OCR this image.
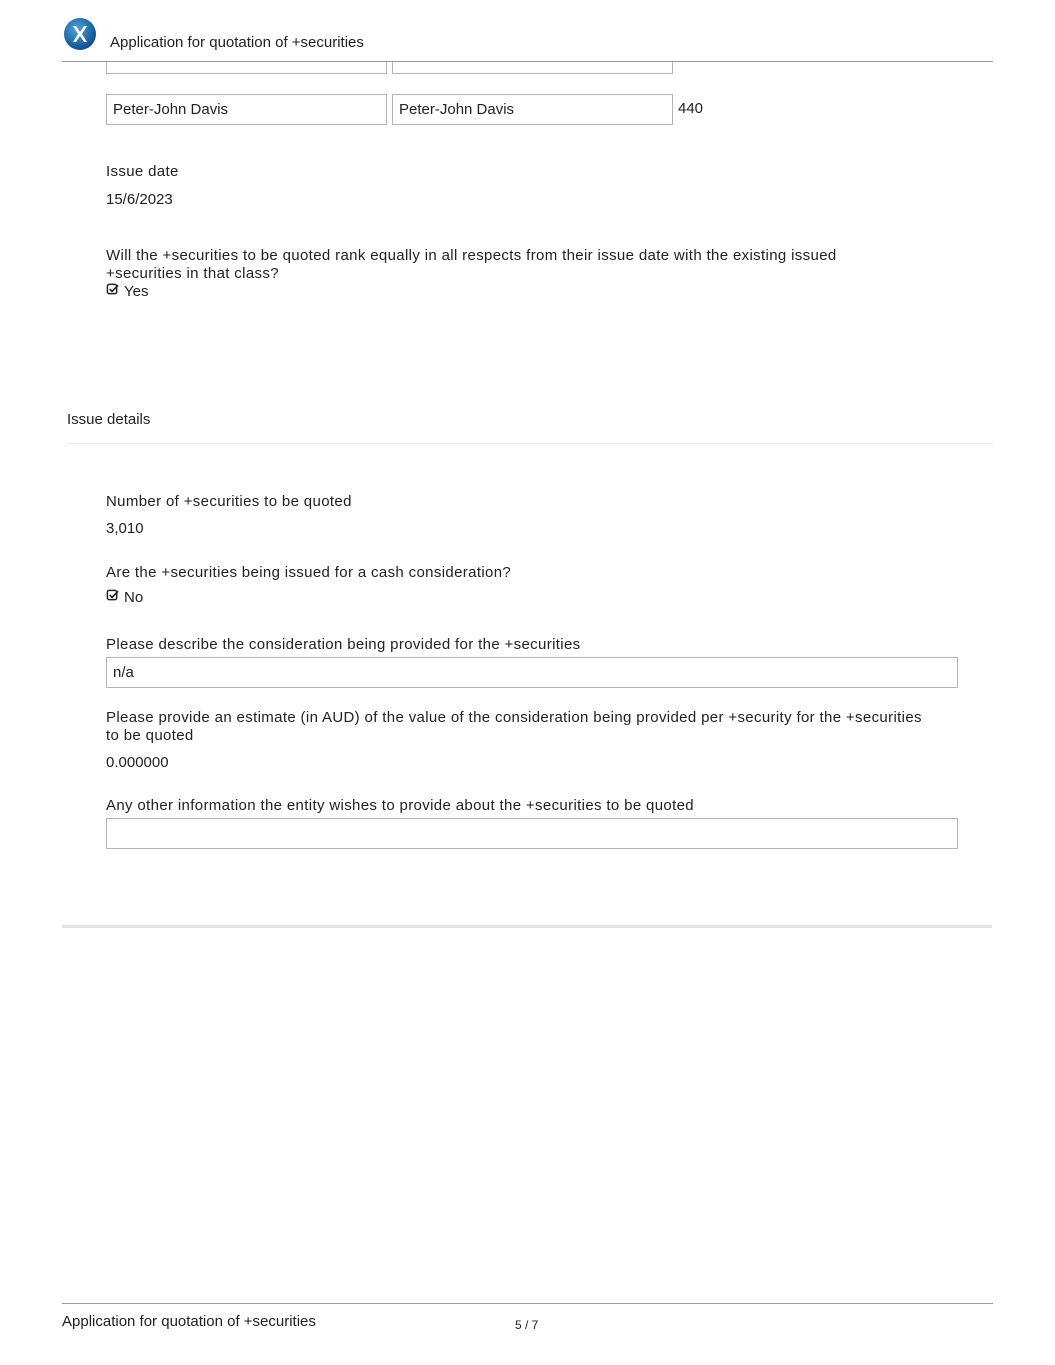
Application for quotation of +securities
Peter-John Davis	Peter-John Davis	440
Issue date
15/6/2023
Will the +securities to be quoted rank equally in all respects from their issue date with the existing issued +securities in that class?
Yes
Issue details
Number of +securities to be quoted
3,010
Are the +securities being issued for a cash consideration?
No
Please describe the consideration being provided for the +securities
n/a
Please provide an estimate (in AUD) of the value of the consideration being provided per +security for the +securities to be quoted
0.000000
Any other information the entity wishes to provide about the +securities to be quoted
Application for quotation of +securities	5 / 7
